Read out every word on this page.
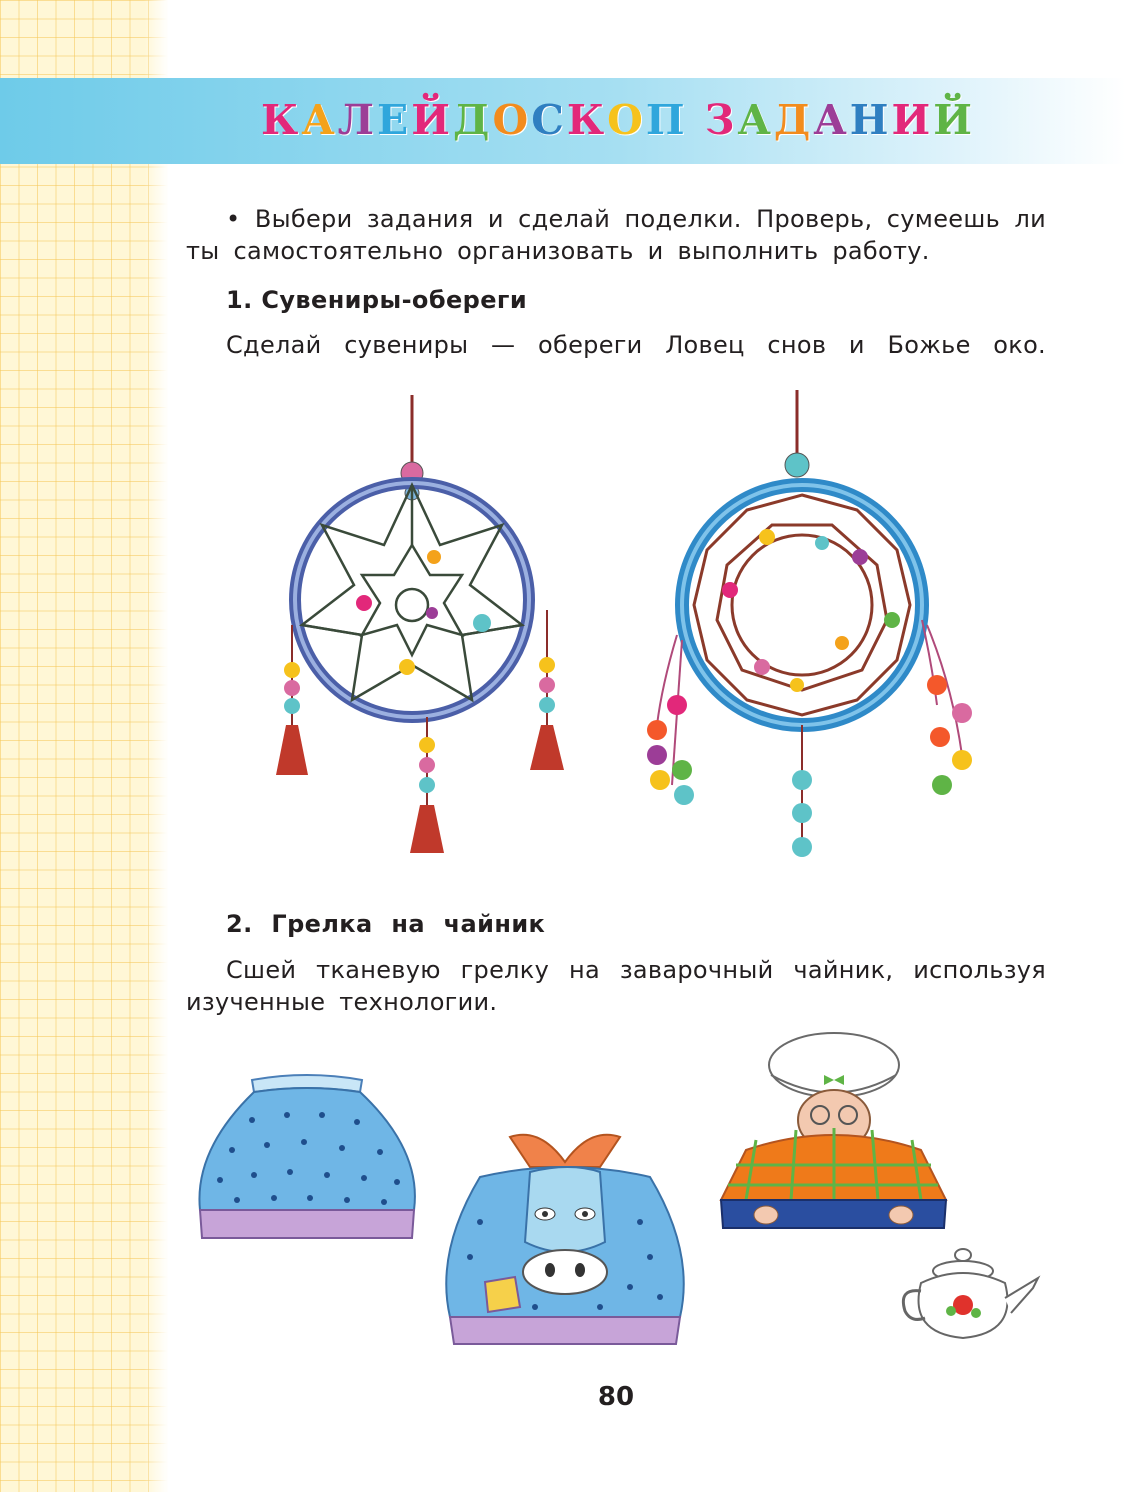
КАЛЕЙДОСКОП ЗАДАНИЙ
• Выбери задания и сделай поделки. Проверь, сумеешь ли
ты самостоятельно организовать и выполнить работу.
1. Сувениры-обереги
Сделай сувениры — обереги Ловец снов и Божье око.
2. Грелка на чайник
Сшей тканевую грелку на заварочный чайник, используя
изученные технологии.
80
